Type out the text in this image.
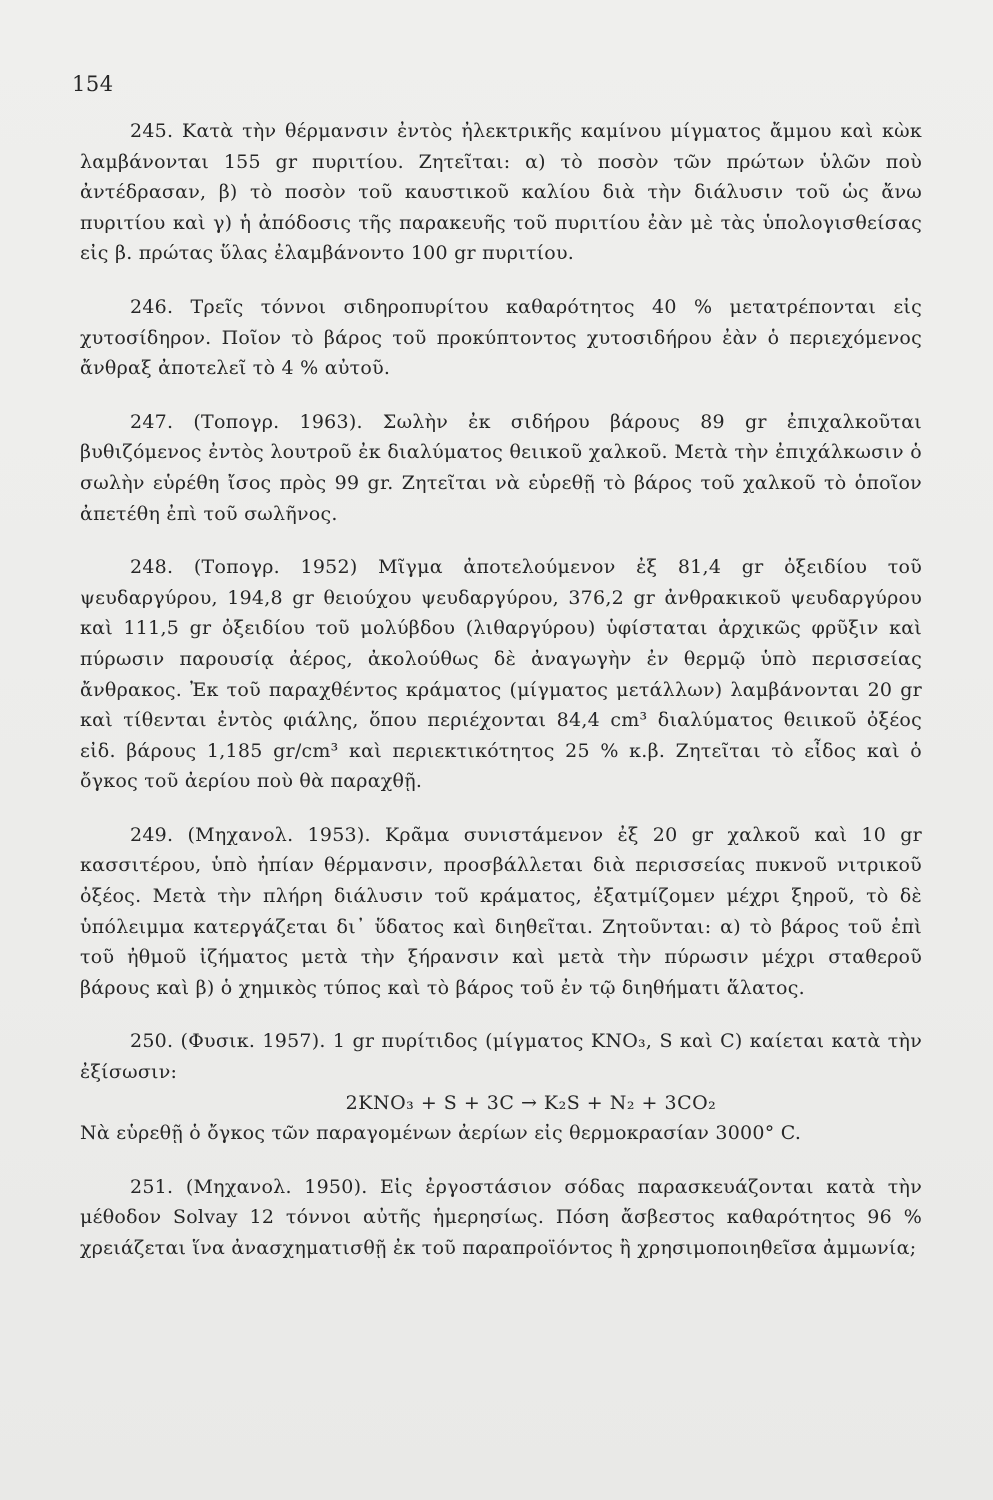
154

245. Κατὰ τὴν θέρμανσιν ἐντὸς ἠλεκτρικῆς καμίνου μίγματος ἄμμου καὶ κὼκ λαμβάνονται 155 gr πυριτίου. Ζητεῖται: α) τὸ ποσὸν τῶν πρώτων ὑλῶν ποὺ ἀντέδρασαν, β) τὸ ποσὸν τοῦ καυστικοῦ καλίου διὰ τὴν διάλυσιν τοῦ ὡς ἄνω πυριτίου καὶ γ) ἡ ἀπόδοσις τῆς παρακευῆς τοῦ πυριτίου ἐὰν μὲ τὰς ὑπολογισθείσας εἰς β. πρώτας ὕλας ἐλαμβάνοντο 100 gr πυριτίου.

246. Τρεῖς τόννοι σιδηροπυρίτου καθαρότητος 40 % μετατρέπονται εἰς χυτοσίδηρον. Ποῖον τὸ βάρος τοῦ προκύπτοντος χυτοσιδήρου ἐὰν ὁ περιεχόμενος ἄνθραξ ἀποτελεῖ τὸ 4 % αὐτοῦ.

247. (Τοπογρ. 1963). Σωλὴν ἐκ σιδήρου βάρους 89 gr ἐπιχαλκοῦται βυθιζόμενος ἐντὸς λουτροῦ ἐκ διαλύματος θειικοῦ χαλκοῦ. Μετὰ τὴν ἐπιχάλκωσιν ὁ σωλὴν εὑρέθη ἴσος πρὸς 99 gr. Ζητεῖται νὰ εὑρεθῇ τὸ βάρος τοῦ χαλκοῦ τὸ ὁποῖον ἀπετέθη ἐπὶ τοῦ σωλῆνος.

248. (Τοπογρ. 1952) Μῖγμα ἀποτελούμενον ἐξ 81,4 gr ὀξειδίου τοῦ ψευδαργύρου, 194,8 gr θειούχου ψευδαργύρου, 376,2 gr ἀνθρακικοῦ ψευδαργύρου καὶ 111,5 gr ὀξειδίου τοῦ μολύβδου (λιθαργύρου) ὑφίσταται ἀρχικῶς φρῦξιν καὶ πύρωσιν παρουσίᾳ ἀέρος, ἀκολούθως δὲ ἀναγωγὴν ἐν θερμῷ ὑπὸ περισσείας ἄνθρακος. Ἐκ τοῦ παραχθέντος κράματος (μίγματος μετάλλων) λαμβάνονται 20 gr καὶ τίθενται ἐντὸς φιάλης, ὅπου περιέχονται 84,4 cm³ διαλύματος θειικοῦ ὀξέος εἰδ. βάρους 1,185 gr/cm³ καὶ περιεκτικότητος 25 % κ.β. Ζητεῖται τὸ εἶδος καὶ ὁ ὄγκος τοῦ ἀερίου ποὺ θὰ παραχθῇ.

249. (Μηχανολ. 1953). Κρᾶμα συνιστάμενον ἐξ 20 gr χαλκοῦ καὶ 10 gr κασσιτέρου, ὑπὸ ἠπίαν θέρμανσιν, προσβάλλεται διὰ περισσείας πυκνοῦ νιτρικοῦ ὀξέος. Μετὰ τὴν πλήρη διάλυσιν τοῦ κράματος, ἐξατμίζομεν μέχρι ξηροῦ, τὸ δὲ ὑπόλειμμα κατεργάζεται δι᾽ ὕδατος καὶ διηθεῖται. Ζητοῦνται: α) τὸ βάρος τοῦ ἐπὶ τοῦ ἠθμοῦ ἰζήματος μετὰ τὴν ξήρανσιν καὶ μετὰ τὴν πύρωσιν μέχρι σταθεροῦ βάρους καὶ β) ὁ χημικὸς τύπος καὶ τὸ βάρος τοῦ ἐν τῷ διηθήματι ἅλατος.

250. (Φυσικ. 1957). 1 gr πυρίτιδος (μίγματος KNO₃, S καὶ C) καίεται κατὰ τὴν ἐξίσωσιν:

2KNO₃ + S + 3C → K₂S + N₂ + 3CO₂

Νὰ εὑρεθῇ ὁ ὄγκος τῶν παραγομένων ἀερίων εἰς θερμοκρασίαν 3000° C.

251. (Μηχανολ. 1950). Εἰς ἐργοστάσιον σόδας παρασκευάζονται κατὰ τὴν μέθοδον Solvay 12 τόννοι αὐτῆς ἡμερησίως. Πόση ἄσβεστος καθαρότητος 96 % χρειάζεται ἵνα ἀνασχηματισθῇ ἐκ τοῦ παραπροϊόντος ἢ χρησιμοποιηθεῖσα ἀμμωνία;
